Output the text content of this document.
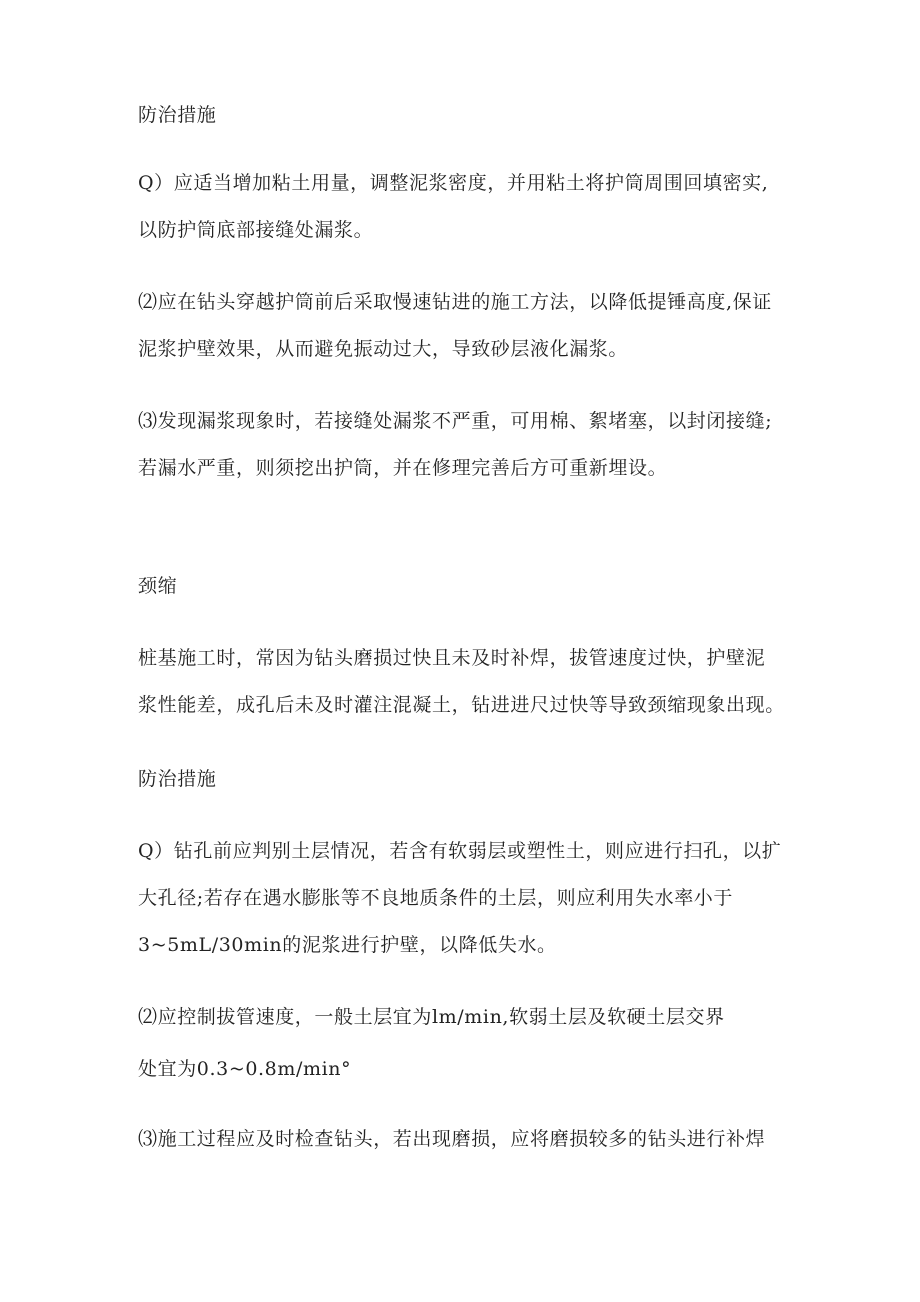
防治措施
Q）应适当增加粘土用量，调整泥浆密度，并用粘土将护筒周围回填密实,
以防护筒底部接缝处漏浆。
⑵应在钻头穿越护筒前后采取慢速钻进的施工方法，以降低提锤高度,保证
泥浆护壁效果，从而避免振动过大，导致砂层液化漏浆。
⑶发现漏浆现象时，若接缝处漏浆不严重，可用棉、絮堵塞，以封闭接缝;
若漏水严重，则须挖出护筒，并在修理完善后方可重新埋设。
颈缩
桩基施工时，常因为钻头磨损过快且未及时补焊，拔管速度过快，护壁泥
浆性能差，成孔后未及时灌注混凝土，钻进进尺过快等导致颈缩现象出现。
防治措施
Q）钻孔前应判别土层情况，若含有软弱层或塑性土，则应进行扫孔，以扩
大孔径;若存在遇水膨胀等不良地质条件的土层，则应利用失水率小于
3~5mL/30min的泥浆进行护壁，以降低失水。
⑵应控制拔管速度，一般土层宜为lm/min,软弱土层及软硬土层交界
处宜为0.3~0.8m/min°
⑶施工过程应及时检查钻头，若出现磨损，应将磨损较多的钻头进行补焊
